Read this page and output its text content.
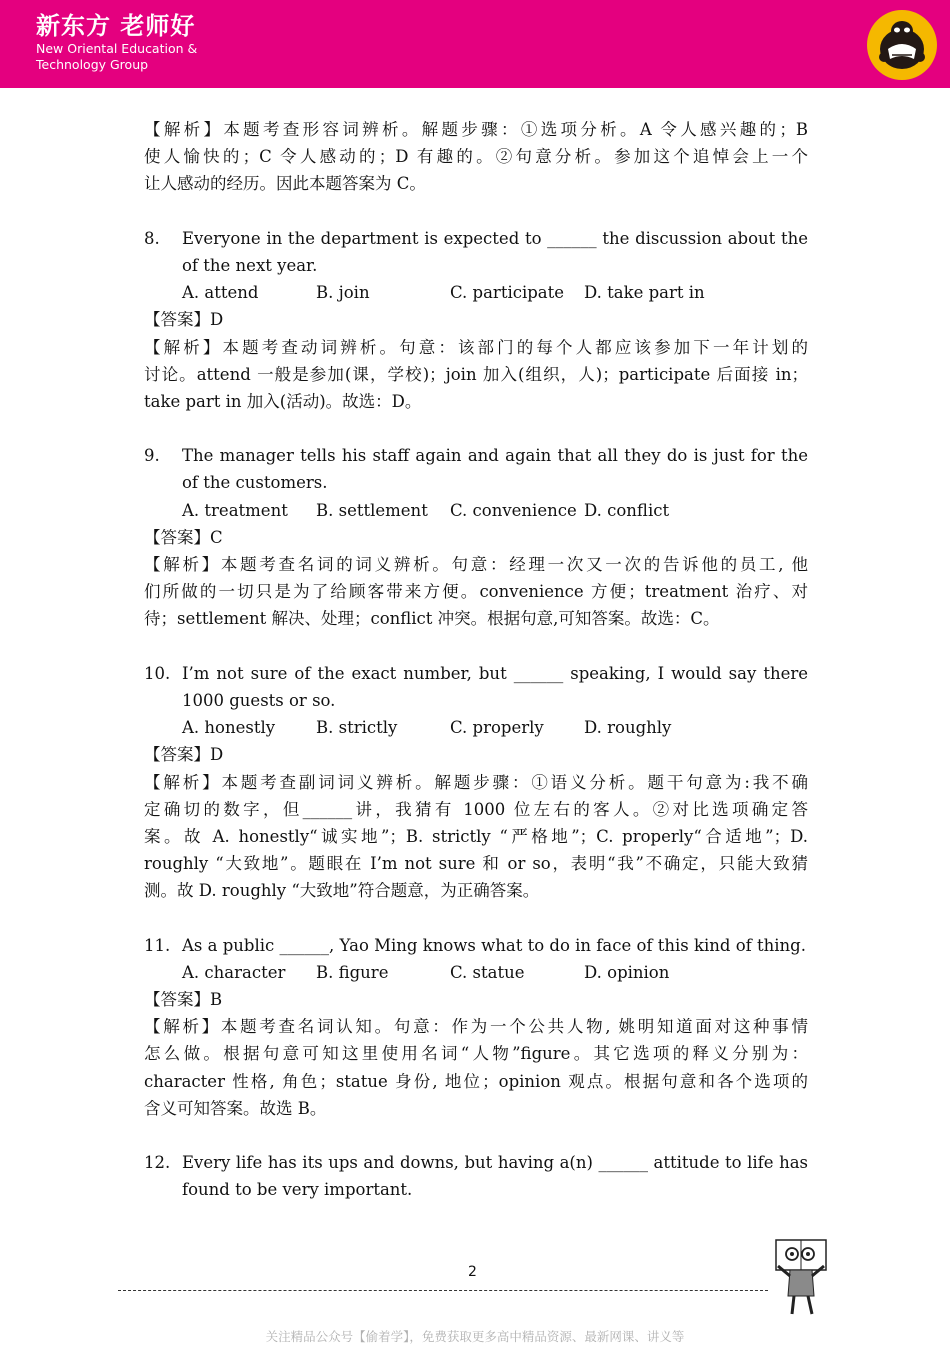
新东方 老师好
New Oriental Education &
Technology Group
【解析】本题考查形容词辨析。解题步骤：①选项分析。A 令人感兴趣的；B
使人愉快的；C 令人感动的；D 有趣的。②句意分析。参加这个追悼会上一个
让人感动的经历。因此本题答案为 C。
8. Everyone in the department is expected to ______ the discussion about the
of the next year.
A. attend	B. join	C. participate D. take part in
【答案】D
【解析】本题考查动词辨析。句意：该部门的每个人都应该参加下一年计划的
讨论。attend 一般是参加(课，学校)；join 加入(组织，人)；participate 后面接 in；
take part in 加入(活动)。故选：D。
9. The manager tells his staff again and again that all they do is just for the
of the customers.
A. treatment B. settlement C. convenience D. conflict
【答案】C
【解析】本题考查名词的词义辨析。句意：经理一次又一次的告诉他的员工, 他
们所做的一切只是为了给顾客带来方便。convenience 方便；treatment 治疗、对
待；settlement 解决、处理；conflict 冲突。根据句意,可知答案。故选：C。
10. I’m not sure of the exact number, but ______ speaking, I would say there
1000 guests or so.
A. honestly B. strictly	C. properly D. roughly
【答案】D
【解析】本题考查副词词义辨析。解题步骤：①语义分析。题干句意为:我不确
定确切的数字，但______讲，我猜有 1000 位左右的客人。②对比选项确定答
案。故 A. honestly“诚实地”；B. strictly “严格地”；C. properly“合适地”；D.
roughly “大致地”。题眼在 I’m not sure 和 or so，表明“我”不确定，只能大致猜
测。故 D. roughly “大致地”符合题意，为正确答案。
11. As a public ______, Yao Ming knows what to do in face of this kind of thing.
A. character B. figure	C. statue	D. opinion
【答案】B
【解析】本题考查名词认知。句意：作为一个公共人物, 姚明知道面对这种事情
怎么做。根据句意可知这里使用名词“人物”figure。其它选项的释义分别为：
character 性格, 角色；statue 身份, 地位；opinion 观点。根据句意和各个选项的
含义可知答案。故选 B。
12. Every life has its ups and downs, but having a(n) ______ attitude to life has
found to be very important.
2
关注精品公众号【偷着学】，免费获取更多高中精品资源、最新网课、讲义等
